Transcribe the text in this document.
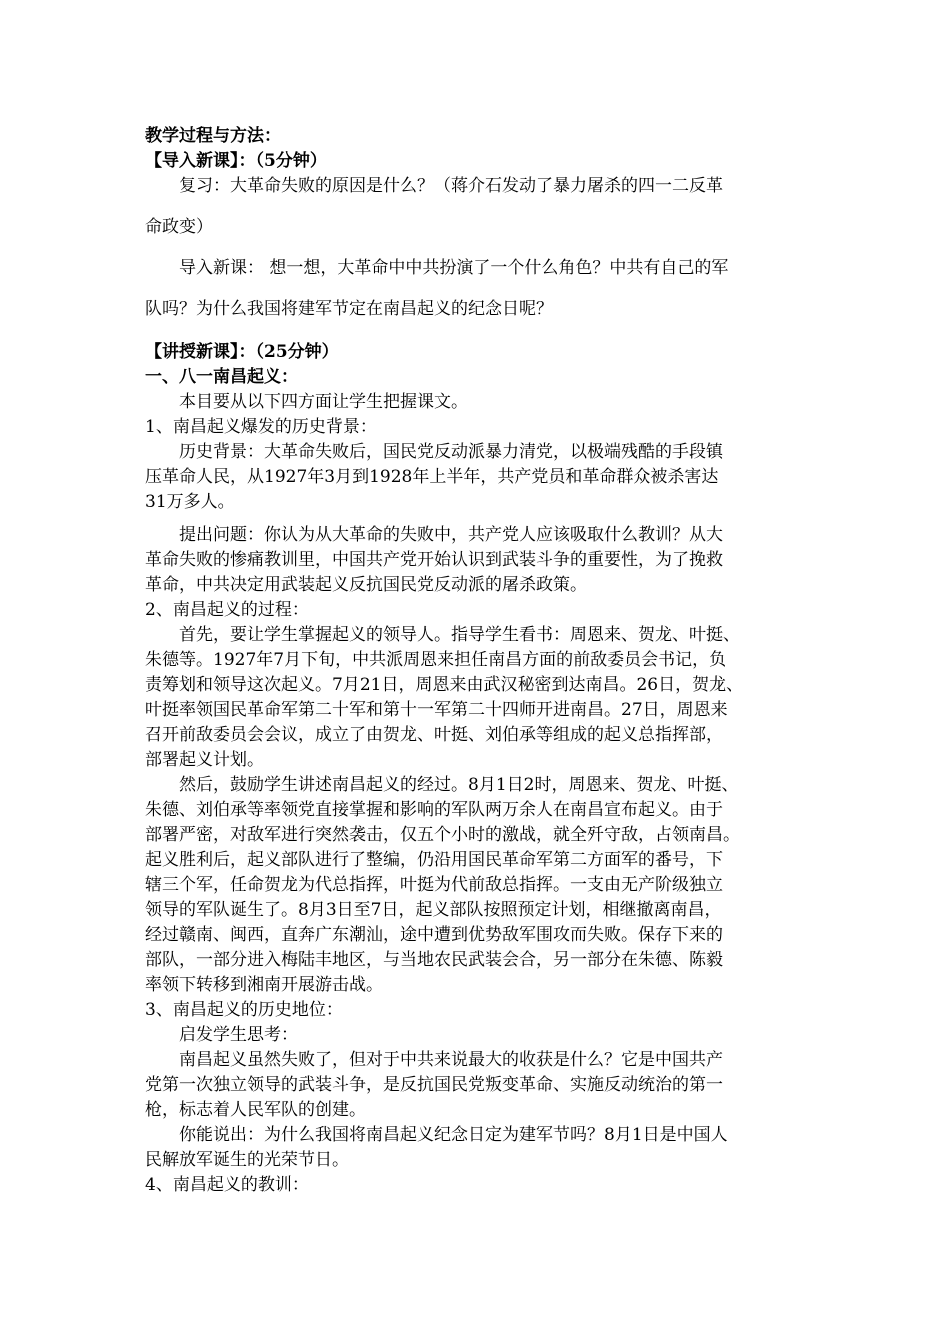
教学过程与方法：

【导入新课】：（5分钟）

复习：大革命失败的原因是什么？（蒋介石发动了暴力屠杀的四一二反革

命政变）

导入新课： 想一想，大革命中中共扮演了一个什么角色？中共有自己的军

队吗？为什么我国将建军节定在南昌起义的纪念日呢？

【讲授新课】：（25分钟）

一、八一南昌起义：

本目要从以下四方面让学生把握课文。

1、南昌起义爆发的历史背景：

历史背景：大革命失败后，国民党反动派暴力清党，以极端残酷的手段镇

压革命人民，从1927年3月到1928年上半年，共产党员和革命群众被杀害达

31万多人。

提出问题：你认为从大革命的失败中，共产党人应该吸取什么教训？从大

革命失败的惨痛教训里，中国共产党开始认识到武装斗争的重要性，为了挽救

革命，中共决定用武装起义反抗国民党反动派的屠杀政策。

2、南昌起义的过程：

首先，要让学生掌握起义的领导人。指导学生看书：周恩来、贺龙、叶挺、

朱德等。1927年7月下旬，中共派周恩来担任南昌方面的前敌委员会书记，负

责筹划和领导这次起义。7月21日，周恩来由武汉秘密到达南昌。26日，贺龙、

叶挺率领国民革命军第二十军和第十一军第二十四师开进南昌。27日，周恩来

召开前敌委员会会议，成立了由贺龙、叶挺、刘伯承等组成的起义总指挥部，

部署起义计划。

然后，鼓励学生讲述南昌起义的经过。8月1日2时，周恩来、贺龙、叶挺、

朱德、刘伯承等率领党直接掌握和影响的军队两万余人在南昌宣布起义。由于

部署严密，对敌军进行突然袭击，仅五个小时的激战，就全歼守敌，占领南昌。

起义胜利后，起义部队进行了整编，仍沿用国民革命军第二方面军的番号，下

辖三个军，任命贺龙为代总指挥，叶挺为代前敌总指挥。一支由无产阶级独立

领导的军队诞生了。8月3日至7日，起义部队按照预定计划，相继撤离南昌，

经过赣南、闽西，直奔广东潮汕，途中遭到优势敌军围攻而失败。保存下来的

部队，一部分进入梅陆丰地区，与当地农民武装会合，另一部分在朱德、陈毅

率领下转移到湘南开展游击战。

3、南昌起义的历史地位：

启发学生思考：

南昌起义虽然失败了，但对于中共来说最大的收获是什么？它是中国共产

党第一次独立领导的武装斗争，是反抗国民党叛变革命、实施反动统治的第一

枪，标志着人民军队的创建。

你能说出：为什么我国将南昌起义纪念日定为建军节吗？8月1日是中国人

民解放军诞生的光荣节日。

4、南昌起义的教训：
